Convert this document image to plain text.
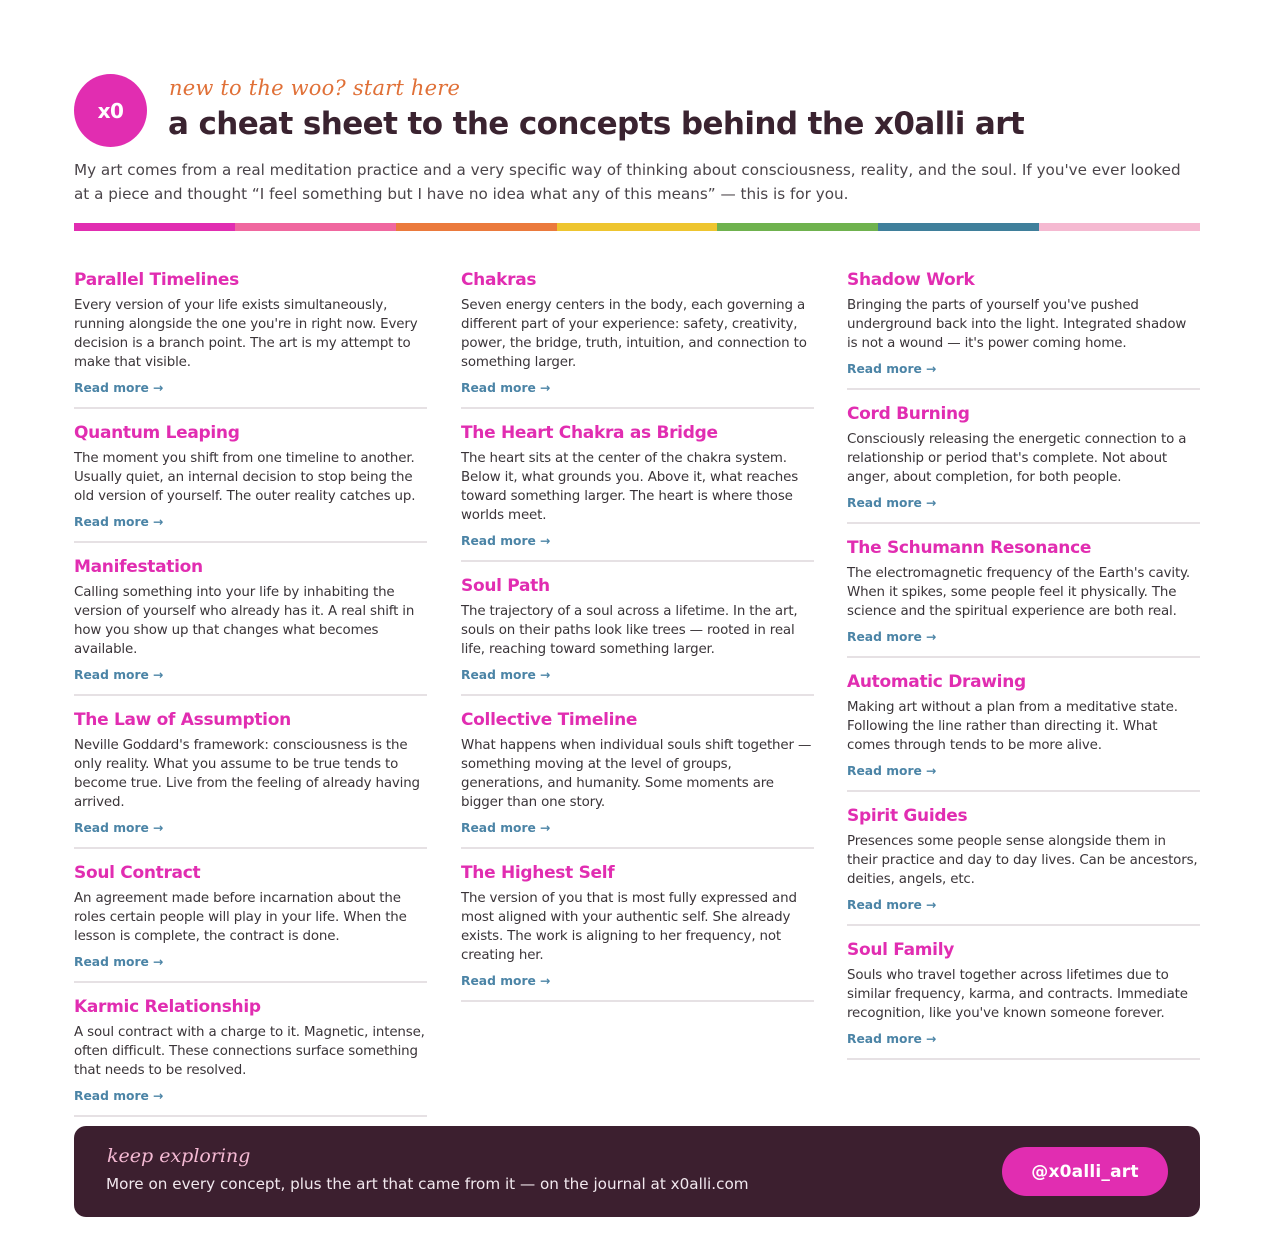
x0
new to the woo? start here
a cheat sheet to the concepts behind the x0alli art

My art comes from a real meditation practice and a very specific way of thinking about consciousness, reality, and the soul. If you've ever looked at a piece and thought “I feel something but I have no idea what any of this means” — this is for you.

Parallel Timelines

Every version of your life exists simultaneously, running alongside the one you're in right now. Every decision is a branch point. The art is my attempt to make that visible.

Read more →
Quantum Leaping

The moment you shift from one timeline to another. Usually quiet, an internal decision to stop being the old version of yourself. The outer reality catches up.

Read more →
Manifestation

Calling something into your life by inhabiting the version of yourself who already has it. A real shift in how you show up that changes what becomes available.

Read more →
The Law of Assumption

Neville Goddard's framework: consciousness is the only reality. What you assume to be true tends to become true. Live from the feeling of already having arrived.

Read more →
Soul Contract

An agreement made before incarnation about the roles certain people will play in your life. When the lesson is complete, the contract is done.

Read more →
Karmic Relationship

A soul contract with a charge to it. Magnetic, intense, often difficult. These connections surface something that needs to be resolved.

Read more →
Chakras

Seven energy centers in the body, each governing a different part of your experience: safety, creativity, power, the bridge, truth, intuition, and connection to something larger.

Read more →
The Heart Chakra as Bridge

The heart sits at the center of the chakra system. Below it, what grounds you. Above it, what reaches toward something larger. The heart is where those worlds meet.

Read more →
Soul Path

The trajectory of a soul across a lifetime. In the art, souls on their paths look like trees — rooted in real life, reaching toward something larger.

Read more →
Collective Timeline

What happens when individual souls shift together — something moving at the level of groups, generations, and humanity. Some moments are bigger than one story.

Read more →
The Highest Self

The version of you that is most fully expressed and most aligned with your authentic self. She already exists. The work is aligning to her frequency, not creating her.

Read more →
Shadow Work

Bringing the parts of yourself you've pushed underground back into the light. Integrated shadow is not a wound — it's power coming home.

Read more →
Cord Burning

Consciously releasing the energetic connection to a relationship or period that's complete. Not about anger, about completion, for both people.

Read more →
The Schumann Resonance

The electromagnetic frequency of the Earth's cavity. When it spikes, some people feel it physically. The science and the spiritual experience are both real.

Read more →
Automatic Drawing

Making art without a plan from a meditative state. Following the line rather than directing it. What comes through tends to be more alive.

Read more →
Spirit Guides

Presences some people sense alongside them in their practice and day to day lives. Can be ancestors, deities, angels, etc.

Read more →
Soul Family

Souls who travel together across lifetimes due to similar frequency, karma, and contracts. Immediate recognition, like you've known someone forever.

Read more →
keep exploring
More on every concept, plus the art that came from it — on the journal at x0alli.com
@x0alli_art
